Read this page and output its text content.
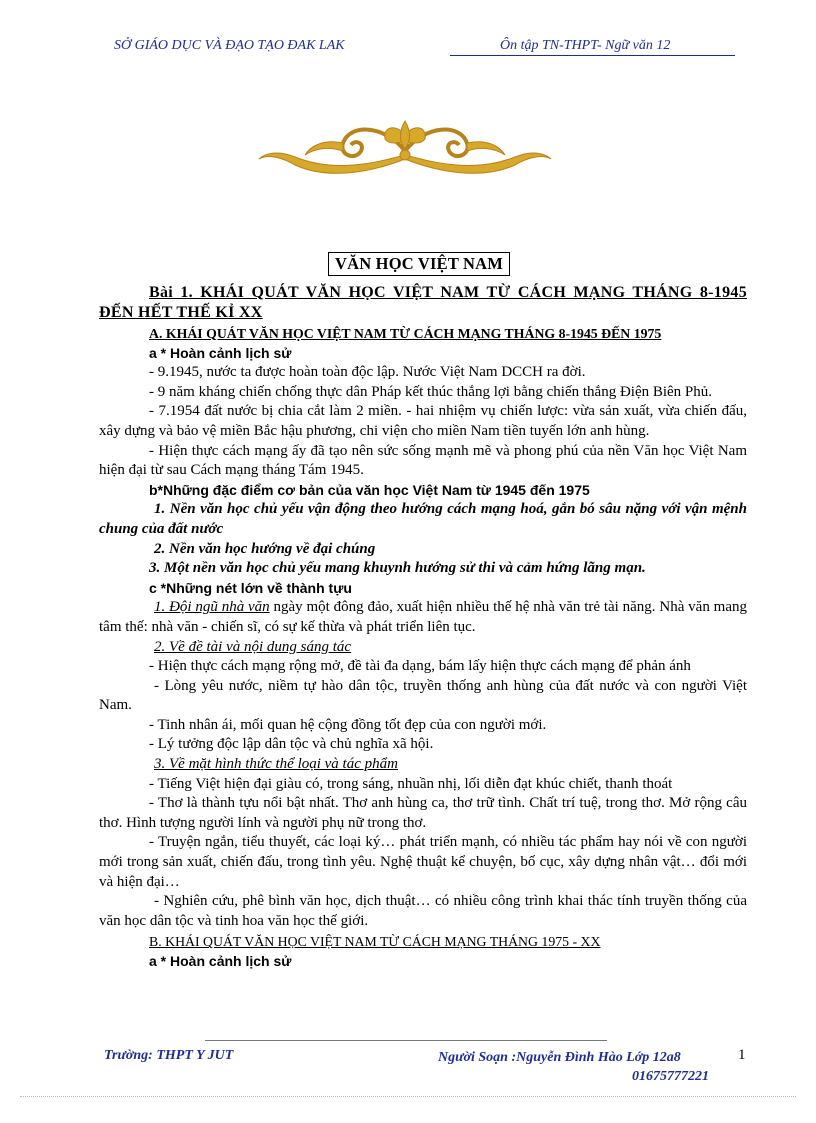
SỞ GIÁO DỤC VÀ ĐẠO TẠO ĐAK LAK	Ôn tập TN-THPT- Ngữ văn 12
VĂN HỌC VIỆT NAM

Bài 1. KHÁI QUÁT VĂN HỌC VIỆT NAM TỪ CÁCH MẠNG THÁNG 8-1945 ĐẾN HẾT THẾ KỈ XX

A. KHÁI QUÁT VĂN HỌC VIỆT NAM TỪ CÁCH MẠNG THÁNG 8-1945 ĐẾN 1975

a * Hoàn cảnh lịch sử

- 9.1945, nước ta được hoàn toàn độc lập. Nước Việt Nam DCCH ra đời.

- 9 năm kháng chiến chống thực dân Pháp kết thúc thắng lợi bằng chiến thắng Điện Biên Phủ.

- 7.1954 đất nước bị chia cắt làm 2 miền. - hai nhiệm vụ chiến lược: vừa sản xuất, vừa chiến đấu, xây dựng và bảo vệ miền Bắc hậu phương, chi viện cho miền Nam tiền tuyến lớn anh hùng.

- Hiện thực cách mạng ấy đã tạo nên sức sống mạnh mẽ và phong phú của nền Văn học Việt Nam hiện đại từ sau Cách mạng tháng Tám 1945.

b*Những đặc điểm cơ bản của văn học Việt Nam từ 1945 đến 1975

1. Nền văn học chủ yếu vận động theo hướng cách mạng hoá, gắn bó sâu nặng với vận mệnh chung của đất nước

2. Nền văn học hướng về đại chúng

3. Một nền văn học chủ yếu mang khuynh hướng sử thi và cảm hứng lãng mạn.

c *Những nét lớn về thành tựu

1. Đội ngũ nhà văn ngày một đông đảo, xuất hiện nhiều thế hệ nhà văn trẻ tài năng. Nhà văn mang tâm thế: nhà văn - chiến sĩ, có sự kế thừa và phát triển liên tục.

2. Về đề tài và nội dung sáng tác

- Hiện thực cách mạng rộng mở, đề tài đa dạng, bám lấy hiện thực cách mạng để phản ánh

- Lòng yêu nước, niềm tự hào dân tộc, truyền thống anh hùng của đất nước và con người Việt Nam.

- Tinh nhân ái, mối quan hệ cộng đồng tốt đẹp của con người mới.

- Lý tưởng độc lập dân tộc và chủ nghĩa xã hội.

3. Về mặt hình thức thể loại và tác phẩm

- Tiếng Việt hiện đại giàu có, trong sáng, nhuần nhị, lối diễn đạt khúc chiết, thanh thoát

- Thơ là thành tựu nổi bật nhất. Thơ anh hùng ca, thơ trữ tình. Chất trí tuệ, trong thơ. Mở rộng câu thơ. Hình tượng người lính và người phụ nữ trong thơ.

- Truyện ngắn, tiểu thuyết, các loại ký… phát triển mạnh, có nhiều tác phẩm hay nói về con người mới trong sản xuất, chiến đấu, trong tình yêu. Nghệ thuật kể chuyện, bố cục, xây dựng nhân vật… đổi mới và hiện đại…

- Nghiên cứu, phê bình văn học, dịch thuật… có nhiều công trình khai thác tính truyền thống của văn học dân tộc và tinh hoa văn học thế giới.

B. KHÁI QUÁT VĂN HỌC VIỆT NAM TỪ CÁCH MẠNG THÁNG 1975 - XX

a * Hoàn cảnh lịch sử

Trường: THPT Y JUT	Người Soạn :Nguyễn Đình Hào Lớp 12a8
01675777221
1
